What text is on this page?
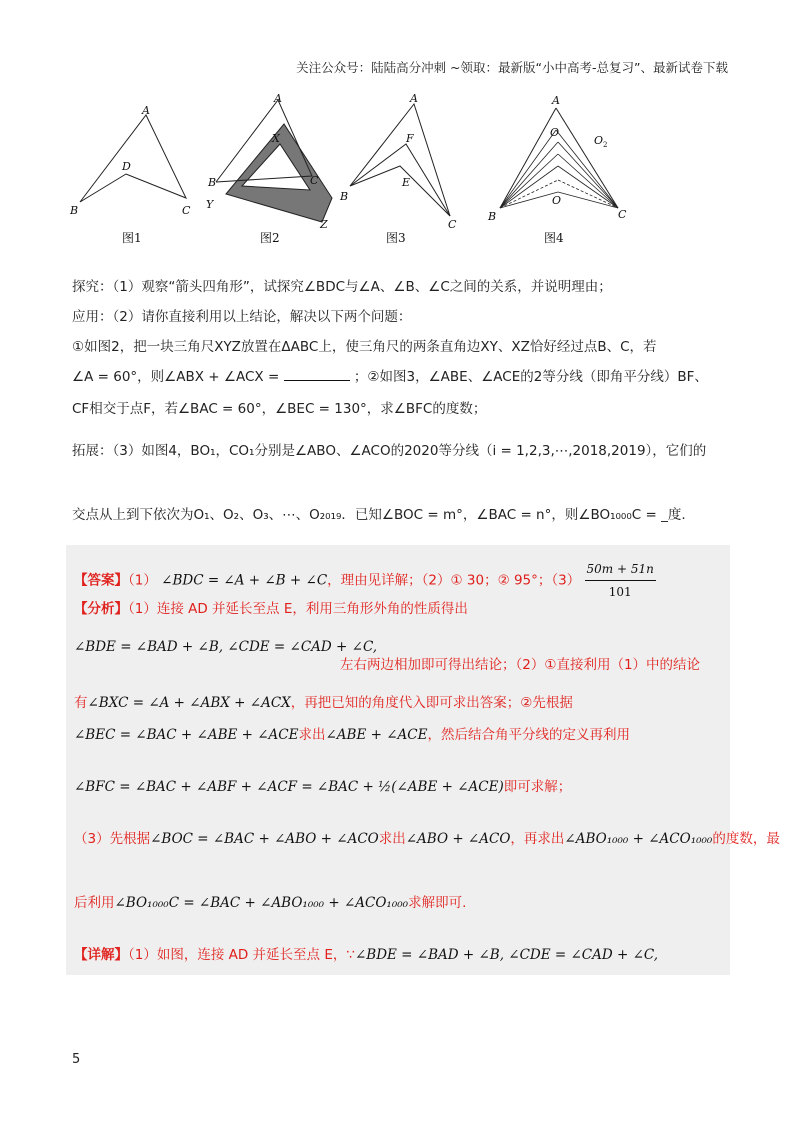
关注公众号：陆陆高分冲刺 ~领取：最新版“小中高考-总复习”、最新试卷下载
A
B	C
D
图1
A
X
B	C
Y
Z
图2
A
F
E
B
C
图3
A
O
O 2
B	C
O
图4
探究：（1）观察“箭头四角形”，试探究∠BDC与∠A、∠B、∠C之间的关系，并说明理由；
应用：（2）请你直接利用以上结论，解决以下两个问题：
①如图2，把一块三角尺XYZ放置在ΔABC上，使三角尺的两条直角边XY、XZ恰好经过点B、C，若
∠A = 60°，则∠ABX + ∠ACX =	；②如图3，∠ABE、∠ACE的2等分线（即角平分线）BF、
CF相交于点F，若∠BAC = 60°，∠BEC = 130°，求∠BFC的度数；
拓展：（3）如图4，BO₁，CO₁分别是∠ABO、∠ACO的2020等分线（i = 1,2,3,⋯,2018,2019），它们的
交点从上到下依次为O₁、O₂、O₃、⋯、O₂₀₁₉．已知∠BOC = m°，∠BAC = n°，则∠BO₁₀₀₀C = _度.
【答案】（1） ∠BDC = ∠A + ∠B + ∠C，理由见详解；（2）① 30；② 95°；$(3) \frac{50m + 51n}{101}$
【分析】（1）连接 AD 并延长至点 E，利用三角形外角的性质得出
∠BDE = ∠BAD + ∠B, ∠CDE = ∠CAD + ∠C,
左右两边相加即可得出结论；（2）①直接利用（1）中的结论
有∠BXC = ∠A + ∠ABX + ∠ACX，再把已知的角度代入即可求出答案；②先根据
∠BEC = ∠BAC + ∠ABE + ∠ACE求出∠ABE + ∠ACE，然后结合角平分线的定义再利用
∠BFC = ∠BAC + ∠ABF + ∠ACF = ∠BAC + ½(∠ABE + ∠ACE)即可求解；
（3）先根据∠BOC = ∠BAC + ∠ABO + ∠ACO求出∠ABO + ∠ACO，再求出∠ABO₁₀₀₀ + ∠ACO₁₀₀₀的度数，最
后利用∠BO₁₀₀₀C = ∠BAC + ∠ABO₁₀₀₀ + ∠ACO₁₀₀₀求解即可.
【详解】（1）如图，连接 AD 并延长至点 E，∵∠BDE = ∠BAD + ∠B, ∠CDE = ∠CAD + ∠C,
5
